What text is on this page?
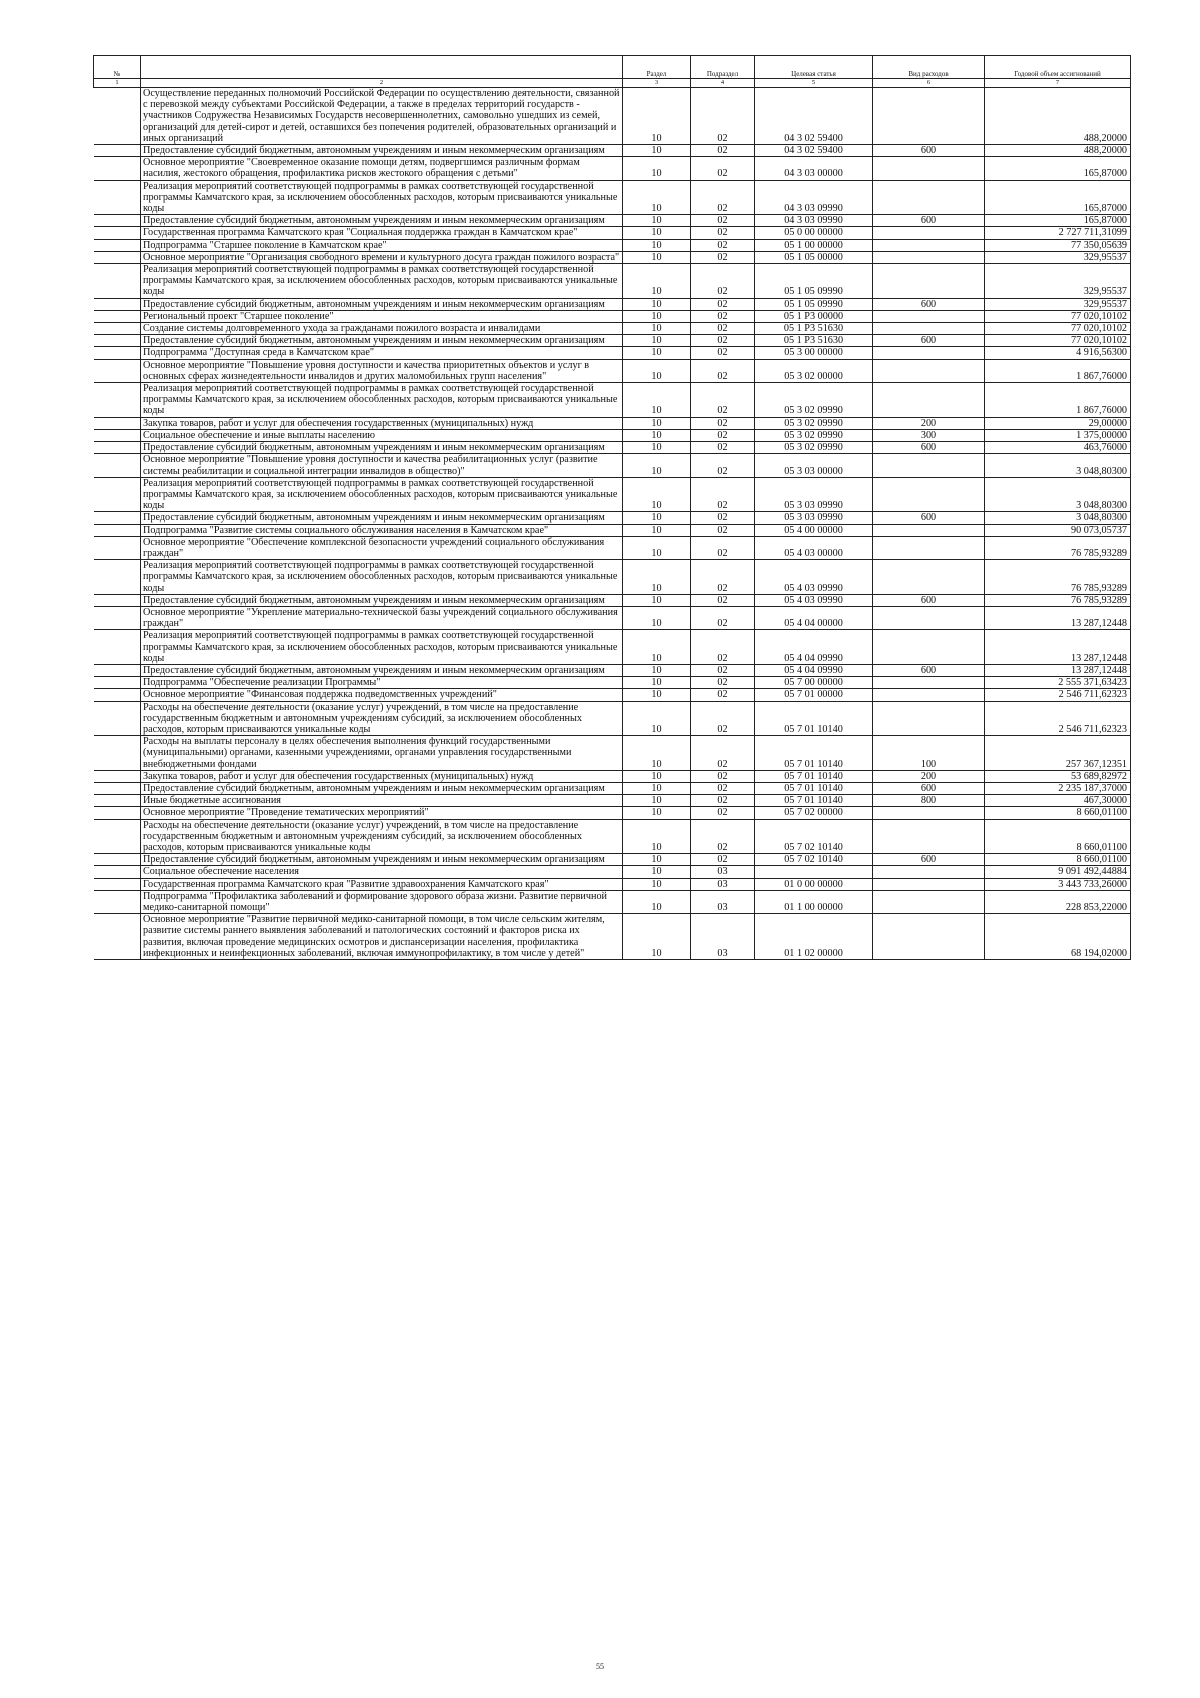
№		Раздел	Подраздел	Целевая статья	Вид расходов	Годовой объем ассигнований
1	2	3	4	5	6	7
	Осуществление переданных полномочий Российской Федерации по осуществлению деятельности, связанной с перевозкой между субъектами Российской Федерации, а также в пределах территорий государств - участников Содружества Независимых Государств несовершеннолетних, самовольно ушедших из семей, организаций для детей-сирот и детей, оставшихся без попечения родителей, образовательных организаций и иных организаций	10	02	04 3 02 59400		488,20000
	Предоставление субсидий бюджетным, автономным учреждениям и иным некоммерческим организациям	10	02	04 3 02 59400	600	488,20000
	Основное мероприятие "Своевременное оказание помощи детям, подвергшимся различным формам насилия, жестокого обращения, профилактика рисков жестокого обращения с детьми"	10	02	04 3 03 00000		165,87000
	Реализация мероприятий соответствующей подпрограммы в рамках соответствующей государственной программы Камчатского края, за исключением обособленных расходов, которым присваиваются уникальные коды	10	02	04 3 03 09990		165,87000
	Предоставление субсидий бюджетным, автономным учреждениям и иным некоммерческим организациям	10	02	04 3 03 09990	600	165,87000
	Государственная программа Камчатского края "Социальная поддержка граждан в Камчатском крае"	10	02	05 0 00 00000		2 727 711,31099
	Подпрограмма "Старшее поколение в Камчатском крае"	10	02	05 1 00 00000		77 350,05639
	Основное мероприятие "Организация свободного времени и культурного досуга граждан пожилого возраста"	10	02	05 1 05 00000		329,95537
	Реализация мероприятий соответствующей подпрограммы в рамках соответствующей государственной программы Камчатского края, за исключением обособленных расходов, которым присваиваются уникальные коды	10	02	05 1 05 09990		329,95537
	Предоставление субсидий бюджетным, автономным учреждениям и иным некоммерческим организациям	10	02	05 1 05 09990	600	329,95537
	Региональный проект "Старшее поколение"	10	02	05 1 P3 00000		77 020,10102
	Создание системы долговременного ухода за гражданами пожилого возраста и инвалидами	10	02	05 1 P3 51630		77 020,10102
	Предоставление субсидий бюджетным, автономным учреждениям и иным некоммерческим организациям	10	02	05 1 P3 51630	600	77 020,10102
	Подпрограмма "Доступная среда в Камчатском крае"	10	02	05 3 00 00000		4 916,56300
	Основное мероприятие "Повышение уровня доступности и качества приоритетных объектов и услуг в основных сферах жизнедеятельности инвалидов и других маломобильных групп населения"	10	02	05 3 02 00000		1 867,76000
	Реализация мероприятий соответствующей подпрограммы в рамках соответствующей государственной программы Камчатского края, за исключением обособленных расходов, которым присваиваются уникальные коды	10	02	05 3 02 09990		1 867,76000
	Закупка товаров, работ и услуг для обеспечения государственных (муниципальных) нужд	10	02	05 3 02 09990	200	29,00000
	Социальное обеспечение и иные выплаты населению	10	02	05 3 02 09990	300	1 375,00000
	Предоставление субсидий бюджетным, автономным учреждениям и иным некоммерческим организациям	10	02	05 3 02 09990	600	463,76000
	Основное мероприятие "Повышение уровня доступности и качества реабилитационных услуг (развитие системы реабилитации и социальной интеграции инвалидов в общество)"	10	02	05 3 03 00000		3 048,80300
	Реализация мероприятий соответствующей подпрограммы в рамках соответствующей государственной программы Камчатского края, за исключением обособленных расходов, которым присваиваются уникальные коды	10	02	05 3 03 09990		3 048,80300
	Предоставление субсидий бюджетным, автономным учреждениям и иным некоммерческим организациям	10	02	05 3 03 09990	600	3 048,80300
	Подпрограмма "Развитие системы социального обслуживания населения в Камчатском крае"	10	02	05 4 00 00000		90 073,05737
	Основное мероприятие "Обеспечение комплексной безопасности учреждений социального обслуживания граждан"	10	02	05 4 03 00000		76 785,93289
	Реализация мероприятий соответствующей подпрограммы в рамках соответствующей государственной программы Камчатского края, за исключением обособленных расходов, которым присваиваются уникальные коды	10	02	05 4 03 09990		76 785,93289
	Предоставление субсидий бюджетным, автономным учреждениям и иным некоммерческим организациям	10	02	05 4 03 09990	600	76 785,93289
	Основное мероприятие "Укрепление материально-технической базы учреждений социального обслуживания граждан"	10	02	05 4 04 00000		13 287,12448
	Реализация мероприятий соответствующей подпрограммы в рамках соответствующей государственной программы Камчатского края, за исключением обособленных расходов, которым присваиваются уникальные коды	10	02	05 4 04 09990		13 287,12448
	Предоставление субсидий бюджетным, автономным учреждениям и иным некоммерческим организациям	10	02	05 4 04 09990	600	13 287,12448
	Подпрограмма "Обеспечение реализации Программы"	10	02	05 7 00 00000		2 555 371,63423
	Основное мероприятие "Финансовая поддержка подведомственных учреждений"	10	02	05 7 01 00000		2 546 711,62323
	Расходы на обеспечение деятельности (оказание услуг) учреждений, в том числе на предоставление государственным бюджетным и автономным учреждениям субсидий, за исключением обособленных расходов, которым присваиваются уникальные коды	10	02	05 7 01 10140		2 546 711,62323
	Расходы на выплаты персоналу в целях обеспечения выполнения функций государственными (муниципальными) органами, казенными учреждениями, органами управления государственными внебюджетными фондами	10	02	05 7 01 10140	100	257 367,12351
	Закупка товаров, работ и услуг для обеспечения государственных (муниципальных) нужд	10	02	05 7 01 10140	200	53 689,82972
	Предоставление субсидий бюджетным, автономным учреждениям и иным некоммерческим организациям	10	02	05 7 01 10140	600	2 235 187,37000
	Иные бюджетные ассигнования	10	02	05 7 01 10140	800	467,30000
	Основное мероприятие "Проведение тематических мероприятий"	10	02	05 7 02 00000		8 660,01100
	Расходы на обеспечение деятельности (оказание услуг) учреждений, в том числе на предоставление государственным бюджетным и автономным учреждениям субсидий, за исключением обособленных расходов, которым присваиваются уникальные коды	10	02	05 7 02 10140		8 660,01100
	Предоставление субсидий бюджетным, автономным учреждениям и иным некоммерческим организациям	10	02	05 7 02 10140	600	8 660,01100
	Социальное обеспечение населения	10	03			9 091 492,44884
	Государственная программа Камчатского края "Развитие здравоохранения Камчатского края"	10	03	01 0 00 00000		3 443 733,26000
	Подпрограмма "Профилактика заболеваний и формирование здорового образа жизни. Развитие первичной медико-санитарной помощи"	10	03	01 1 00 00000		228 853,22000
	Основное мероприятие "Развитие первичной медико-санитарной помощи, в том числе сельским жителям, развитие системы раннего выявления заболеваний и патологических состояний и факторов риска их развития, включая проведение медицинских осмотров и диспансеризации населения, профилактика инфекционных и неинфекционных заболеваний, включая иммунопрофилактику, в том числе у детей"	10	03	01 1 02 00000		68 194,02000
55
